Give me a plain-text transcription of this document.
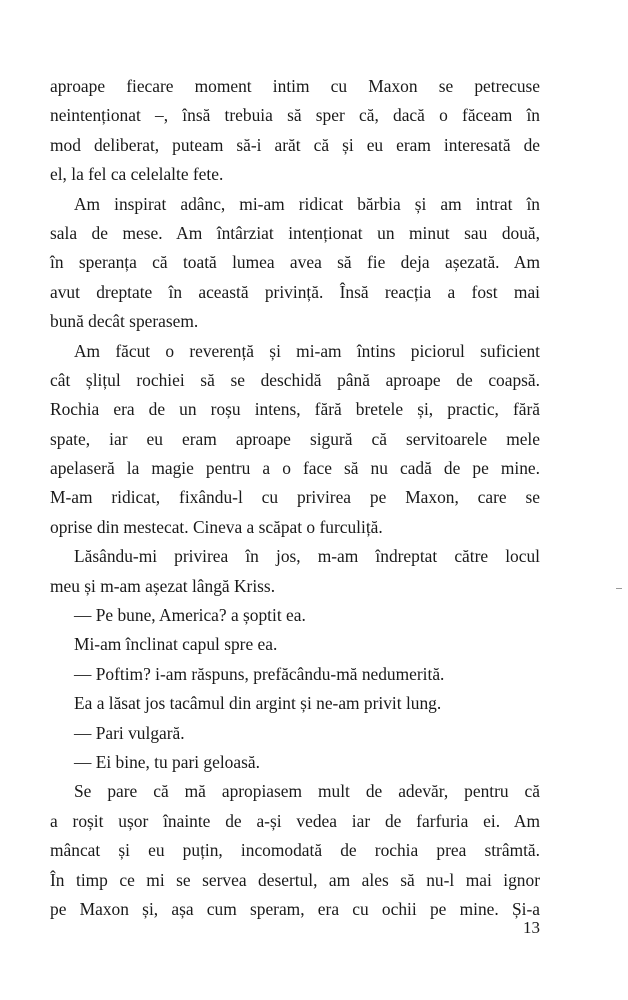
aproape fiecare moment intim cu Maxon se petrecuse
neintenționat –, însă trebuia să sper că, dacă o făceam în
mod deliberat, puteam să-i arăt că și eu eram interesată de
el, la fel ca celelalte fete.
Am inspirat adânc, mi-am ridicat bărbia și am intrat în
sala de mese. Am întârziat intenționat un minut sau două,
în speranța că toată lumea avea să fie deja așezată. Am
avut dreptate în această privință. Însă reacția a fost mai
bună decât sperasem.
Am făcut o reverență și mi-am întins piciorul suficient
cât șlițul rochiei să se deschidă până aproape de coapsă.
Rochia era de un roșu intens, fără bretele și, practic, fără
spate, iar eu eram aproape sigură că servitoarele mele
apelaseră la magie pentru a o face să nu cadă de pe mine.
M-am ridicat, fixându-l cu privirea pe Maxon, care se
oprise din mestecat. Cineva a scăpat o furculiță.
Lăsându-mi privirea în jos, m-am îndreptat către locul
meu și m-am așezat lângă Kriss.
— Pe bune, America? a șoptit ea.
Mi-am înclinat capul spre ea.
— Poftim? i-am răspuns, prefăcându-mă nedumerită.
Ea a lăsat jos tacâmul din argint și ne-am privit lung.
— Pari vulgară.
— Ei bine, tu pari geloasă.
Se pare că mă apropiasem mult de adevăr, pentru că
a roșit ușor înainte de a-și vedea iar de farfuria ei. Am
mâncat și eu puțin, incomodată de rochia prea strâmtă.
În timp ce mi se servea desertul, am ales să nu-l mai ignor
pe Maxon și, așa cum speram, era cu ochii pe mine. Și-a
13
